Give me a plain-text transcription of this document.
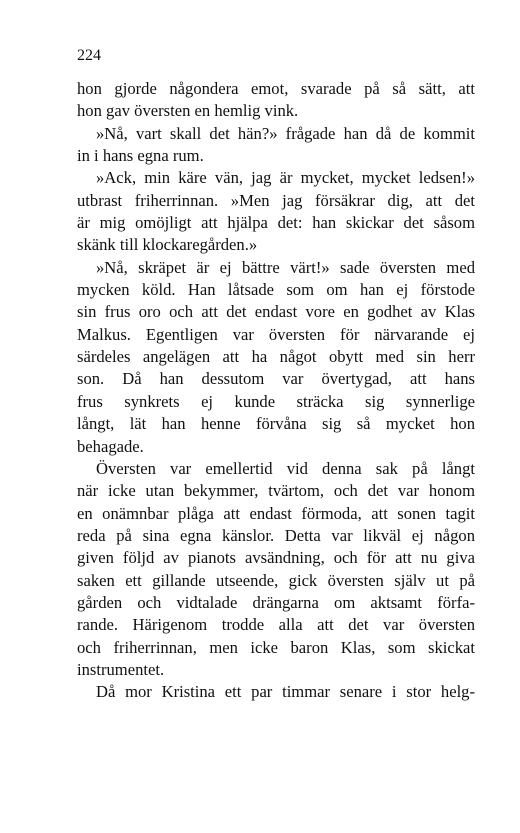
224
hon gjorde någondera emot, svarade på så sätt, att
hon gav översten en hemlig vink.
»Nå, vart skall det hän?» frågade han då de kommit
in i hans egna rum.
»Ack, min käre vän, jag är mycket, mycket ledsen!»
utbrast friherrinnan. »Men jag försäkrar dig, att det
är mig omöjligt att hjälpa det: han skickar det såsom
skänk till klockaregården.»
»Nå, skräpet är ej bättre värt!» sade översten med
mycken köld. Han låtsade som om han ej förstode
sin frus oro och att det endast vore en godhet av Klas
Malkus. Egentligen var översten för närvarande ej
särdeles angelägen att ha något obytt med sin herr
son. Då han dessutom var övertygad, att hans
frus synkrets ej kunde sträcka sig synnerlige
långt, lät han henne förvåna sig så mycket hon
behagade.
Översten var emellertid vid denna sak på långt
när icke utan bekymmer, tvärtom, och det var honom
en onämnbar plåga att endast förmoda, att sonen tagit
reda på sina egna känslor. Detta var likväl ej någon
given följd av pianots avsändning, och för att nu giva
saken ett gillande utseende, gick översten själv ut på
gården och vidtalade drängarna om aktsamt förfa-
rande. Härigenom trodde alla att det var översten
och friherrinnan, men icke baron Klas, som skickat
instrumentet.
Då mor Kristina ett par timmar senare i stor helg-
